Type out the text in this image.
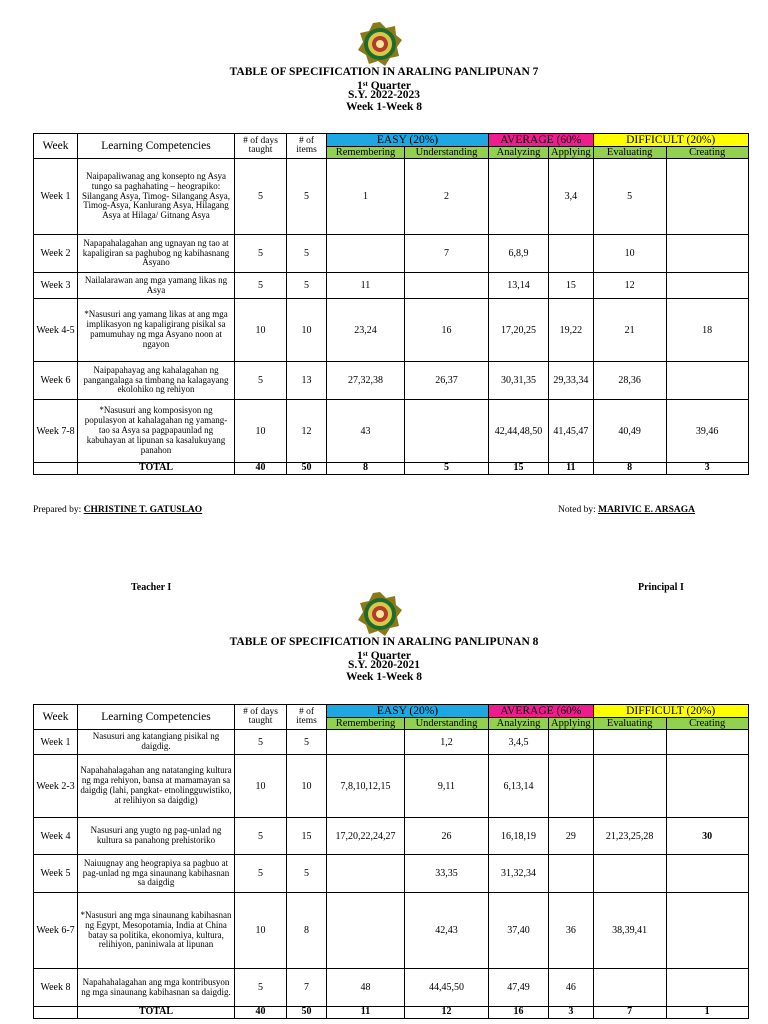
TABLE OF SPECIFICATION IN ARALING PANLIPUNAN 7
1st Quarter
S.Y. 2022-2023
Week 1-Week 8
Week	Learning Competencies	# of days taught	# of items	EASY (20%)		AVERAGE (60%		DIFFICULT (20%)	
				Remembering	Understanding	Analyzing	Applying	Evaluating	Creating
Week 1	Naipapaliwanag ang konsepto ng Asya tungo sa paghahating – heograpiko: Silangang Asya, Timog- Silangang Asya, Timog-Asya, Kanlurang Asya, Hilagang Asya at Hilaga/ Gitnang Asya	5	5	1	2		3,4	5	
Week 2	Napapahalagahan ang ugnayan ng tao at kapaligiran sa paghubog ng kabihasnang Asyano	5	5		7	6,8,9		10	
Week 3	Nailalarawan ang mga yamang likas ng Asya	5	5	11		13,14	15	12	
Week 4-5	*Nasusuri ang yamang likas at ang mga implikasyon ng kapaligirang pisikal sa pamumuhay ng mga Asyano noon at ngayon	10	10	23,24	16	17,20,25	19,22	21	18
Week 6	Naipapahayag ang kahalagahan ng pangangalaga sa timbang na kalagayang ekolohiko ng rehiyon	5	13	27,32,38	26,37	30,31,35	29,33,34	28,36	
Week 7-8	*Nasusuri ang komposisyon ng populasyon at kahalagahan ng yamang-tao sa Asya sa pagpapaunlad ng kabuhayan at lipunan sa kasalukuyang panahon	10	12	43		42,44,48,50	41,45,47	40,49	39,46
	TOTAL	40	50	8	5	15	11	8	3
Prepared by: CHRISTINE T. GATUSLAO	Noted by: MARIVIC E. ARSAGA
Teacher I	Principal I
TABLE OF SPECIFICATION IN ARALING PANLIPUNAN 8
1st Quarter
S.Y. 2020-2021
Week 1-Week 8
Week	Learning Competencies	# of days taught	# of items	EASY (20%)		AVERAGE (60%		DIFFICULT (20%)	
				Remembering	Understanding	Analyzing	Applying	Evaluating	Creating
Week 1	Nasusuri ang katangiang pisikal ng daigdig.	5	5		1,2	3,4,5			
Week 2-3	Napahahalagahan ang natatanging kultura ng mga rehiyon, bansa at mamamayan sa daigdig (lahi, pangkat- etnolingguwistiko, at relihiyon sa daigdig)	10	10	7,8,10,12,15	9,11	6,13,14			
Week 4	Nasusuri ang yugto ng pag-unlad ng kultura sa panahong prehistoriko	5	15	17,20,22,24,27	26	16,18,19	29	21,23,25,28	30
Week 5	Naiuugnay ang heograpiya sa pagbuo at pag-unlad ng mga sinaunang kabihasnan sa daigdig	5	5		33,35	31,32,34			
Week 6-7	*Nasusuri ang mga sinaunang kabihasnan ng Egypt, Mesopotamia, India at China batay sa politika, ekonomiya, kultura, relihiyon, paniniwala at lipunan	10	8		42,43	37,40	36	38,39,41	
Week 8	Napahahalagahan ang mga kontribusyon ng mga sinaunang kabihasnan sa daigdig.	5	7	48	44,45,50	47,49	46		
	TOTAL	40	50	11	12	16	3	7	1
